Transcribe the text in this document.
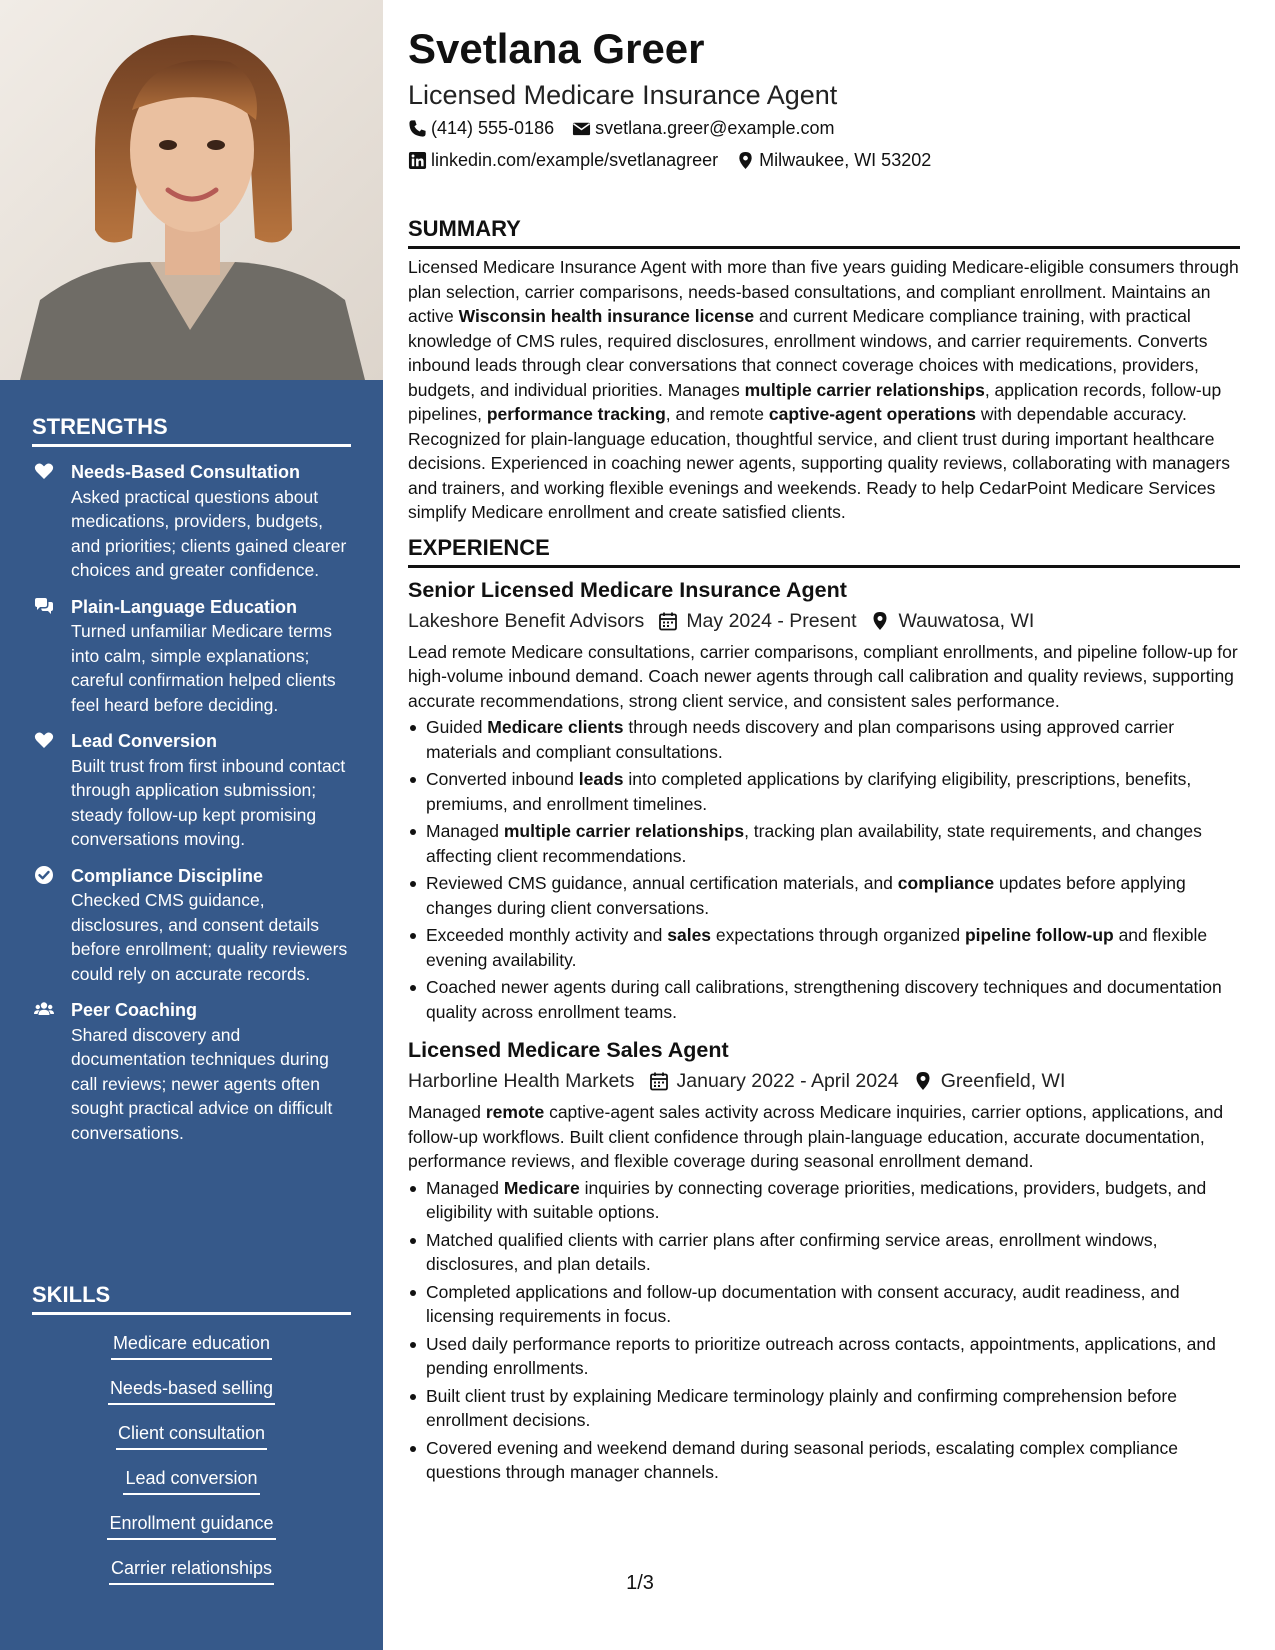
STRENGTHS
Needs-Based Consultation
Asked practical questions about medications, providers, budgets, and priorities; clients gained clearer choices and greater confidence.
Plain-Language Education
Turned unfamiliar Medicare terms into calm, simple explanations; careful confirmation helped clients feel heard before deciding.
Lead Conversion
Built trust from first inbound contact through application submission; steady follow-up kept promising conversations moving.
Compliance Discipline
Checked CMS guidance, disclosures, and consent details before enrollment; quality reviewers could rely on accurate records.
Peer Coaching
Shared discovery and documentation techniques during call reviews; newer agents often sought practical advice on difficult conversations.
SKILLS
Medicare education
Needs-based selling
Client consultation
Lead conversion
Enrollment guidance
Carrier relationships
Svetlana Greer
Licensed Medicare Insurance Agent
(414) 555-0186 svetlana.greer@example.com
linkedin.com/example/svetlanagreer Milwaukee, WI 53202
SUMMARY

Licensed Medicare Insurance Agent with more than five years guiding Medicare-eligible consumers through plan selection, carrier comparisons, needs-based consultations, and compliant enrollment. Maintains an active Wisconsin health insurance license and current Medicare compliance training, with practical knowledge of CMS rules, required disclosures, enrollment windows, and carrier requirements. Converts inbound leads through clear conversations that connect coverage choices with medications, providers, budgets, and individual priorities. Manages multiple carrier relationships, application records, follow-up pipelines, performance tracking, and remote captive-agent operations with dependable accuracy. Recognized for plain-language education, thoughtful service, and client trust during important healthcare decisions. Experienced in coaching newer agents, supporting quality reviews, collaborating with managers and trainers, and working flexible evenings and weekends. Ready to help CedarPoint Medicare Services simplify Medicare enrollment and create satisfied clients.

EXPERIENCE
Senior Licensed Medicare Insurance Agent
Lakeshore Benefit Advisors May 2024 - Present Wauwatosa, WI

Lead remote Medicare consultations, carrier comparisons, compliant enrollments, and pipeline follow-up for high-volume inbound demand. Coach newer agents through call calibration and quality reviews, supporting accurate recommendations, strong client service, and consistent sales performance.

Guided Medicare clients through needs discovery and plan comparisons using approved carrier materials and compliant consultations.
Converted inbound leads into completed applications by clarifying eligibility, prescriptions, benefits, premiums, and enrollment timelines.
Managed multiple carrier relationships, tracking plan availability, state requirements, and changes affecting client recommendations.
Reviewed CMS guidance, annual certification materials, and compliance updates before applying changes during client conversations.
Exceeded monthly activity and sales expectations through organized pipeline follow-up and flexible evening availability.
Coached newer agents during call calibrations, strengthening discovery techniques and documentation quality across enrollment teams.
Licensed Medicare Sales Agent
Harborline Health Markets January 2022 - April 2024 Greenfield, WI

Managed remote captive-agent sales activity across Medicare inquiries, carrier options, applications, and follow-up workflows. Built client confidence through plain-language education, accurate documentation, performance reviews, and flexible coverage during seasonal enrollment demand.

Managed Medicare inquiries by connecting coverage priorities, medications, providers, budgets, and eligibility with suitable options.
Matched qualified clients with carrier plans after confirming service areas, enrollment windows, disclosures, and plan details.
Completed applications and follow-up documentation with consent accuracy, audit readiness, and licensing requirements in focus.
Used daily performance reports to prioritize outreach across contacts, appointments, applications, and pending enrollments.
Built client trust by explaining Medicare terminology plainly and confirming comprehension before enrollment decisions.
Covered evening and weekend demand during seasonal periods, escalating complex compliance questions through manager channels.
1/3
